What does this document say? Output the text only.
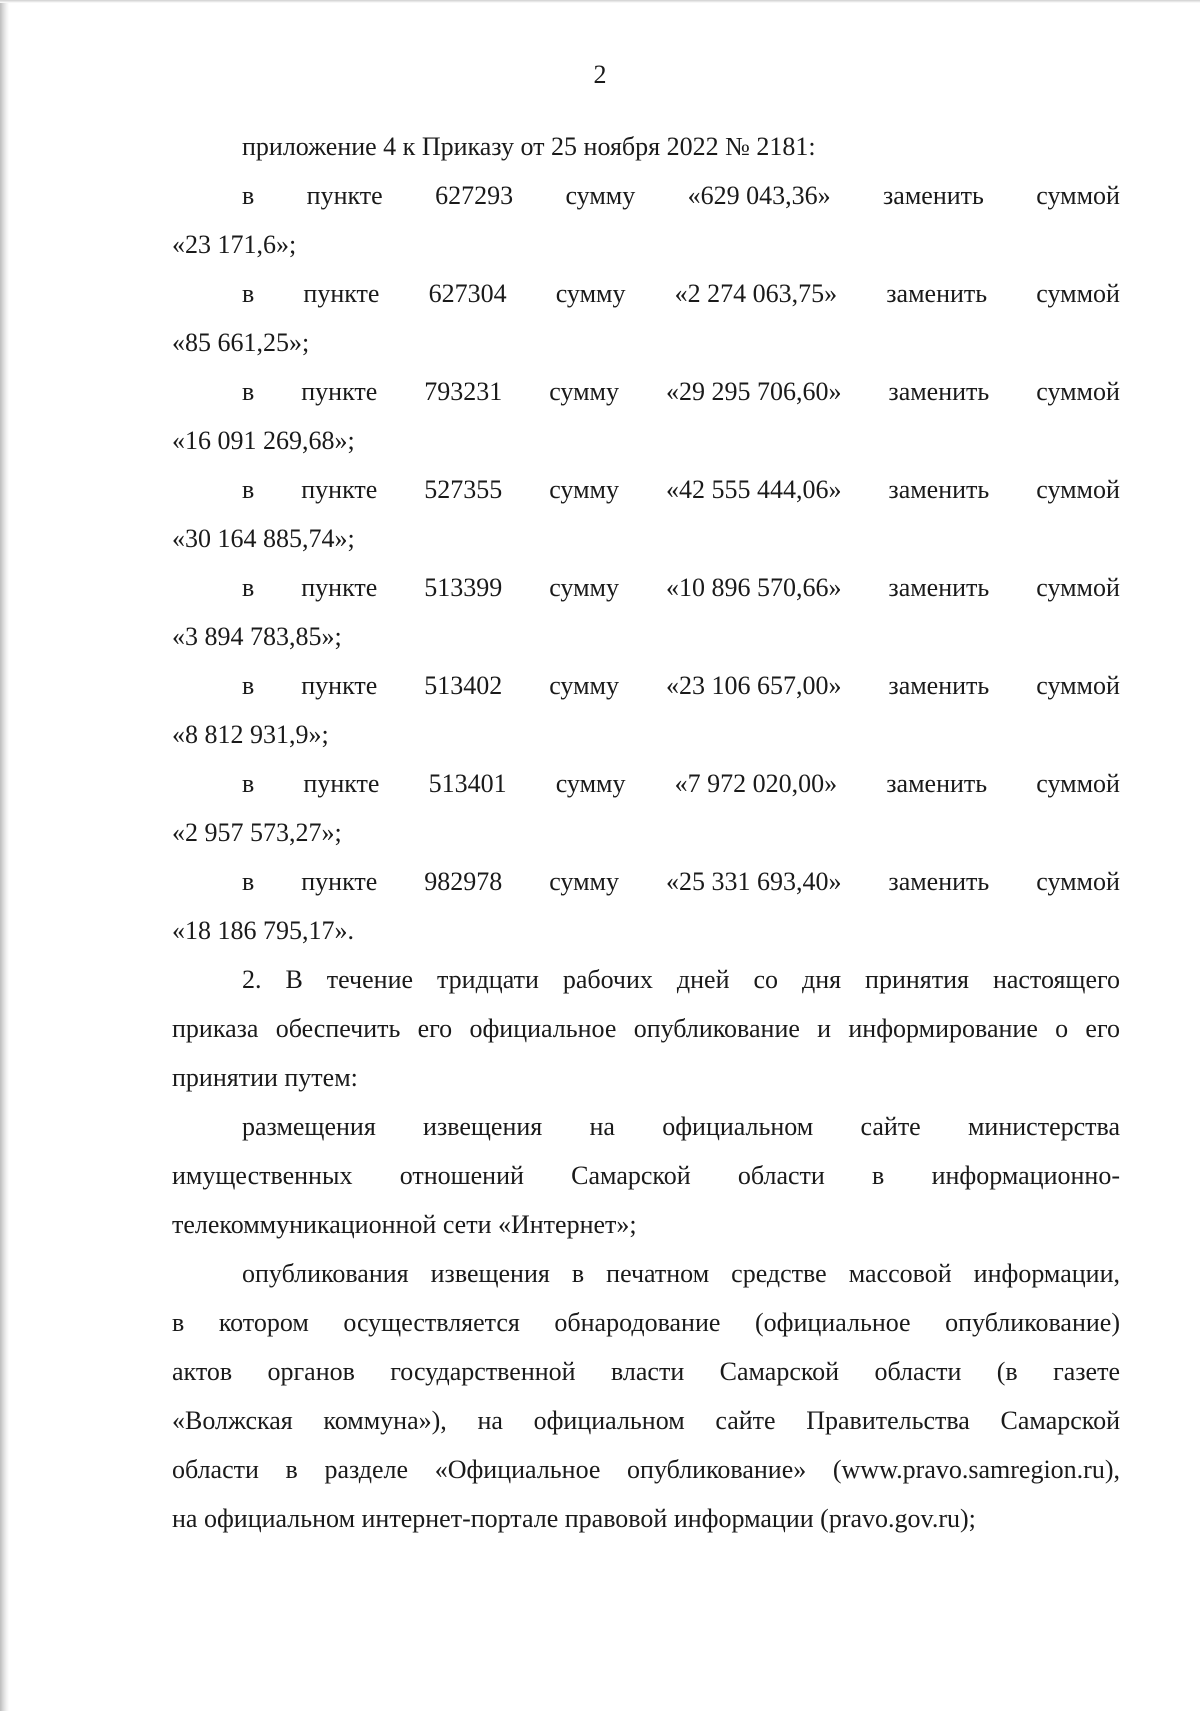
2
приложение 4 к Приказу от 25 ноября 2022 № 2181:
в пункте 627293 сумму «629 043,36» заменить суммой
«23 171,6»;
в пункте 627304 сумму «2 274 063,75» заменить суммой
«85 661,25»;
в пункте 793231 сумму «29 295 706,60» заменить суммой
«16 091 269,68»;
в пункте 527355 сумму «42 555 444,06» заменить суммой
«30 164 885,74»;
в пункте 513399 сумму «10 896 570,66» заменить суммой
«3 894 783,85»;
в пункте 513402 сумму «23 106 657,00» заменить суммой
«8 812 931,9»;
в пункте 513401 сумму «7 972 020,00» заменить суммой
«2 957 573,27»;
в пункте 982978 сумму «25 331 693,40» заменить суммой
«18 186 795,17».
2. В течение тридцати рабочих дней со дня принятия настоящего
приказа обеспечить его официальное опубликование и информирование о его
принятии путем:
размещения извещения на официальном сайте министерства
имущественных отношений Самарской области в информационно-
телекоммуникационной сети «Интернет»;
опубликования извещения в печатном средстве массовой информации,
в котором осуществляется обнародование (официальное опубликование)
актов органов государственной власти Самарской области (в газете
«Волжская коммуна»), на официальном сайте Правительства Самарской
области в разделе «Официальное опубликование» (www.pravo.samregion.ru),
на официальном интернет-портале правовой информации (pravo.gov.ru);
